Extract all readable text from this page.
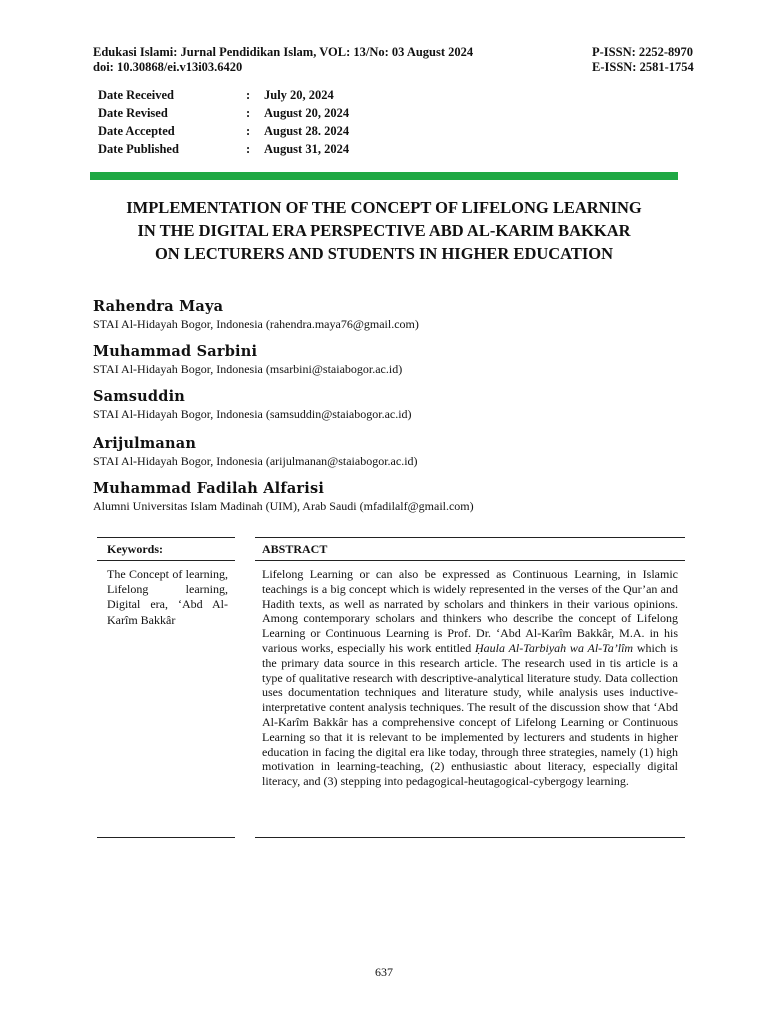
Edukasi Islami: Jurnal Pendidikan Islam, VOL: 13/No: 03 August 2024
doi: 10.30868/ei.v13i03.6420
P-ISSN: 2252-8970
E-ISSN: 2581-1754
Date Received	:	July 20, 2024
Date Revised	:	August 20, 2024
Date Accepted	:	August 28. 2024
Date Published	:	August 31, 2024
IMPLEMENTATION OF THE CONCEPT OF LIFELONG LEARNING
IN THE DIGITAL ERA PERSPECTIVE ABD AL-KARIM BAKKAR
ON LECTURERS AND STUDENTS IN HIGHER EDUCATION
Rahendra Maya
STAI Al-Hidayah Bogor, Indonesia (rahendra.maya76@gmail.com)
Muhammad Sarbini
STAI Al-Hidayah Bogor, Indonesia (msarbini@staiabogor.ac.id)
Samsuddin
STAI Al-Hidayah Bogor, Indonesia (samsuddin@staiabogor.ac.id)
Arijulmanan
STAI Al-Hidayah Bogor, Indonesia (arijulmanan@staiabogor.ac.id)
Muhammad Fadilah Alfarisi
Alumni Universitas Islam Madinah (UIM), Arab Saudi (mfadilalf@gmail.com)
Keywords:	ABSTRACT
The Concept of learning, Lifelong learning, Digital era, ‘Abd Al-Karîm Bakkâr
Lifelong Learning or can also be expressed as Continuous Learning, in Islamic teachings is a big concept which is widely represented in the verses of the Qur’an and Hadith texts, as well as narrated by scholars and thinkers in their various opinions. Among contemporary scholars and thinkers who describe the concept of Lifelong Learning or Continuous Learning is Prof. Dr. ‘Abd Al-Karîm Bakkâr, M.A. in his various works, especially his work entitled Ḥaula Al-Tarbiyah wa Al-Ta’lîm which is the primary data source in this research article. The research used in tis article is a type of qualitative research with descriptive-analytical literature study. Data collection uses documentation techniques and literature study, while analysis uses inductive-interpretative content analysis techniques. The result of the discussion show that ‘Abd Al-Karîm Bakkâr has a comprehensive concept of Lifelong Learning or Continuous Learning so that it is relevant to be implemented by lecturers and students in higher education in facing the digital era like today, through three strategies, namely (1) high motivation in learning-teaching, (2) enthusiastic about literacy, especially digital literacy, and (3) stepping into pedagogical-heutagogical-cybergogy learning.
637
